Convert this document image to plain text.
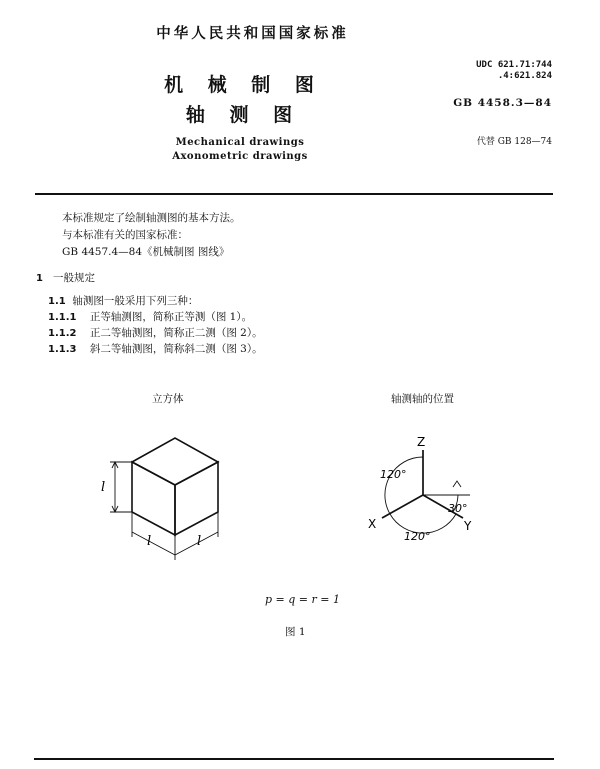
中华人民共和国国家标准
机 械 制 图
轴 测 图
Mechanical drawings
Axonometric drawings
UDC 621.71:744
.4:621.824
GB 4458.3—84
代替 GB 128—74
本标准规定了绘制轴测图的基本方法。
与本标准有关的国家标准：
GB 4457.4—84《机械制图 图线》
1 一般规定
1.1 轴测图一般采用下列三种：
1.1.1 正等轴测图，简称正等测（图 1）。
1.1.2 正二等轴测图，简称正二测（图 2）。
1.1.3 斜二等轴测图，简称斜二测（图 3）。
立方体	轴测轴的位置
l
l	l
Z
X	Y
120°
120°
30°
p = q = r = 1
图 1
